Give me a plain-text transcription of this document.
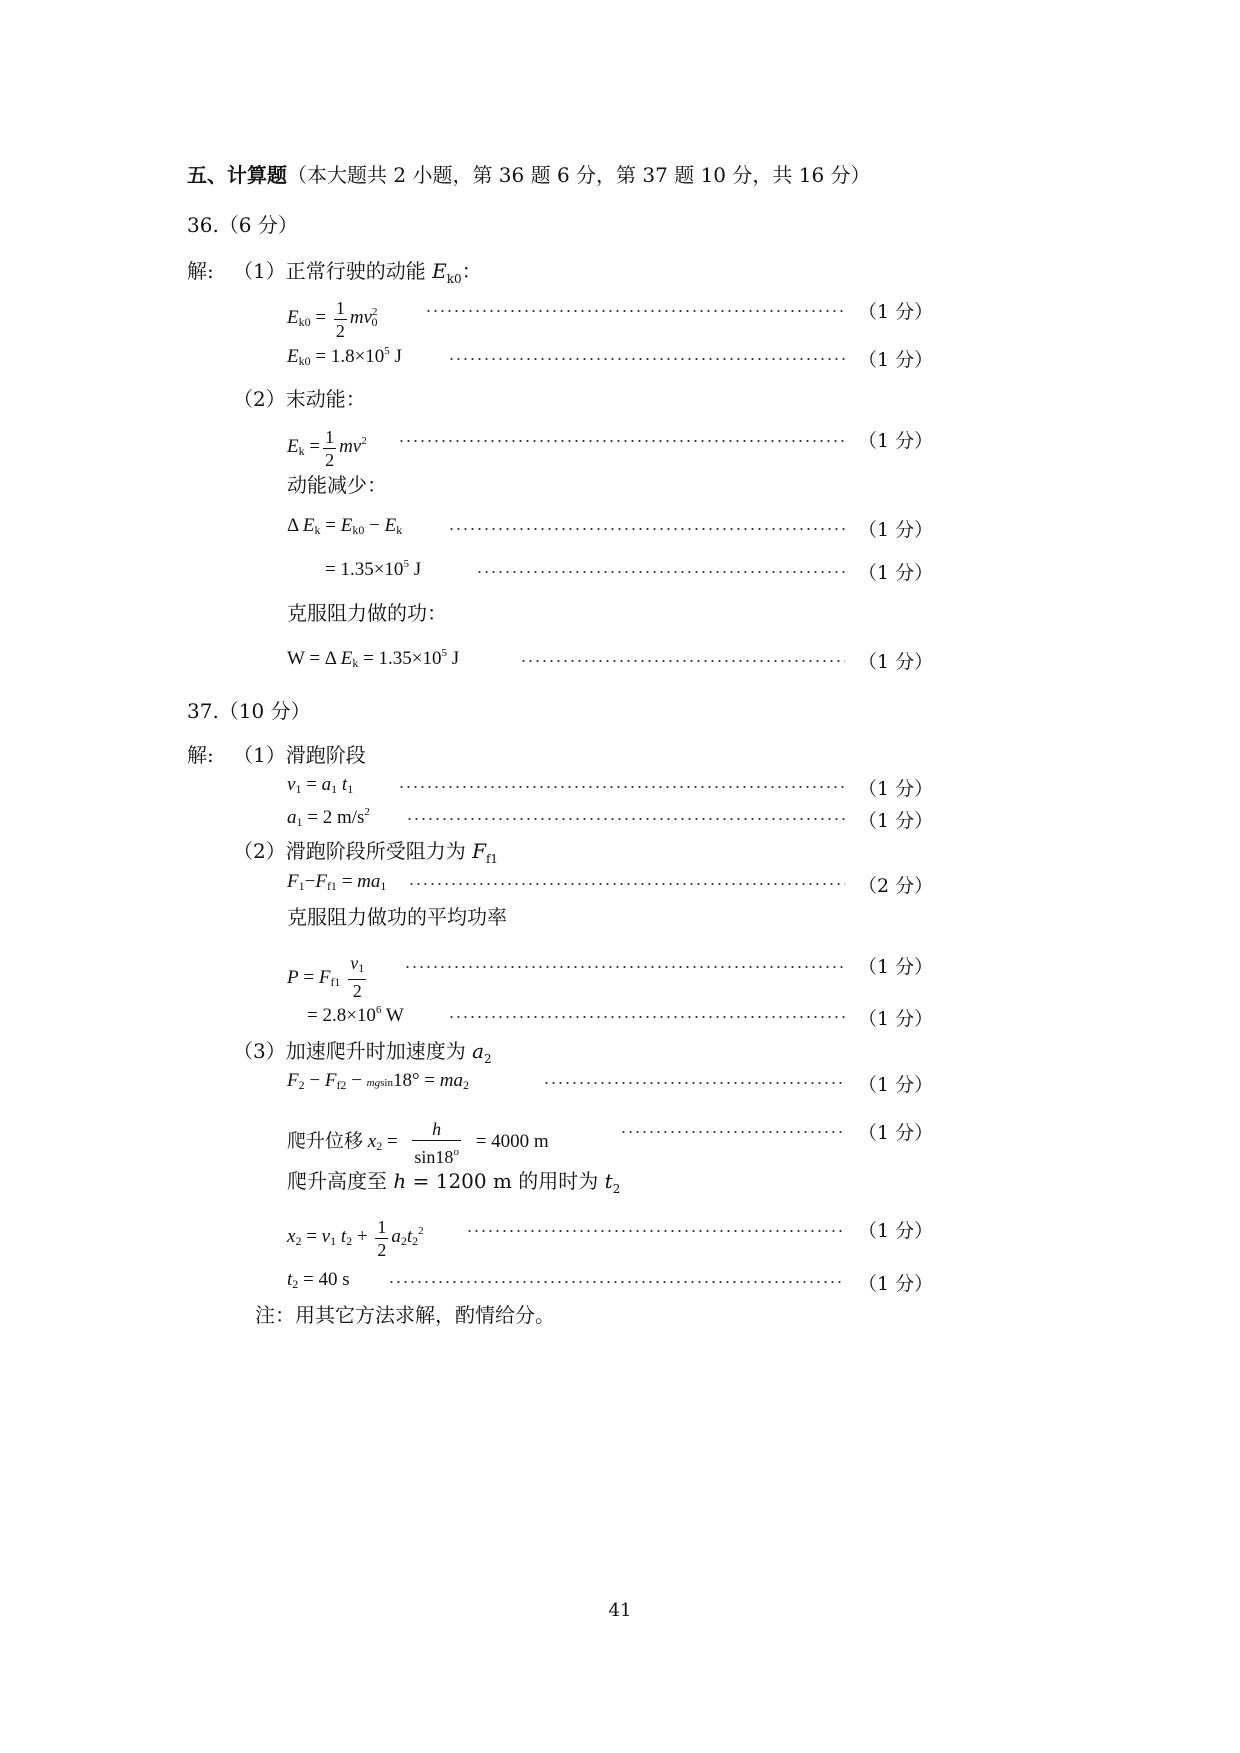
五、计算题（本大题共 2 小题，第 36 题 6 分，第 37 题 10 分，共 16 分）
36.（6 分）
解: （1）正常行驶的动能 $E_{k0}$：
$E_{k0} = \frac{1}{2} mv^2_0$	（1 分）
$E_{k0} = 1.8\times 10^5$ J	（1 分）
（2）末动能：
$E_k = \frac{1}{2} mv^2$	（1 分）
动能减少：
Δ $E_k = E_{k0} - E_k$	（1 分）
= $1.35\times 10^5$ J	（1 分）
克服阻力做的功：
W = Δ $E_k = 1.35\times 10^5$ J	（1 分）
37.（10 分）
解: （1）滑跑阶段
$v_1 = a_1$ $t_1$	（1 分）
$a_1 = 2$ $m/s^2$	（1 分）
（2）滑跑阶段所受阻力为 $F_{f1}$
$F_1-F_{f1} = ma_1$	（2 分）
克服阻力做功的平均功率
$P = F_{f1} \frac{v_1}{2}$	（1 分）
= $2.8\times 10^6$ W	（1 分）
（3）加速爬升时加速度为 $a_2$
$F_2 - F_{f2} - mgsin18^\circ = ma_2$	（1 分）
爬升位移 $x_2 = \frac{h}{\sin 18^o} = 4000$ m	（1 分）
爬升高度至 h = 1200 m 的用时为 $t_2$
$x_2 = v_1$ $t_2 + \frac{1}{2} a_2t_2^2$	（1 分）
$t_2 = 40$ s	（1 分）
注：用其它方法求解，酌情给分。
41
